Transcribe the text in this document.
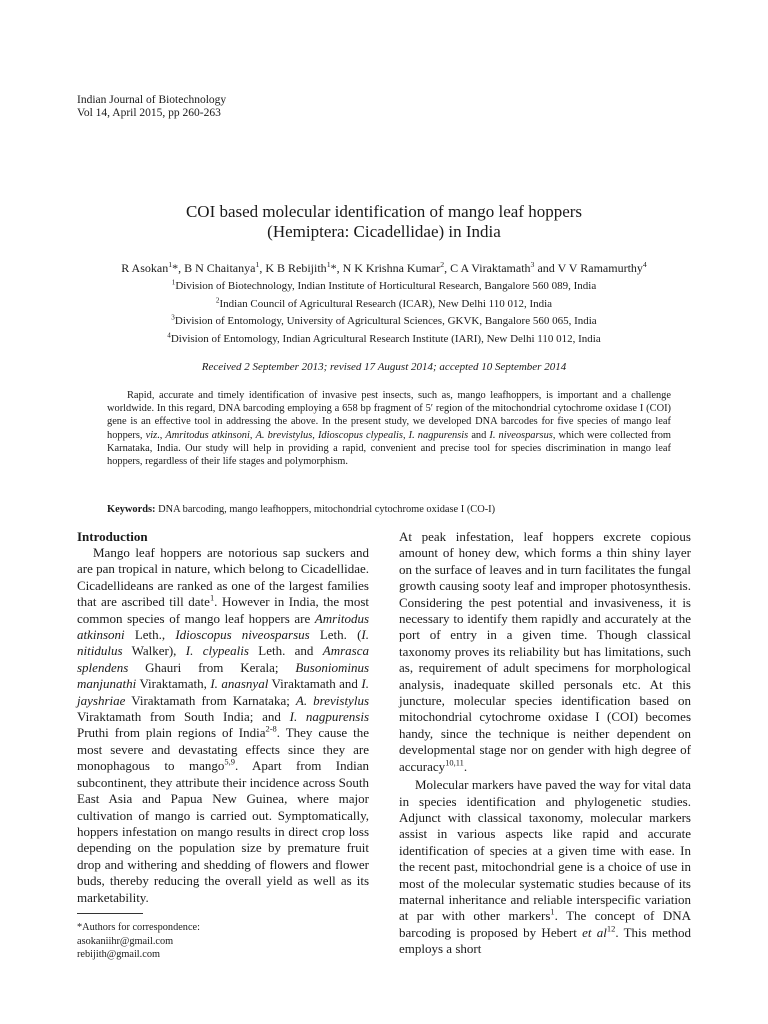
Indian Journal of Biotechnology
Vol 14, April 2015, pp 260-263
COI based molecular identification of mango leaf hoppers
(Hemiptera: Cicadellidae) in India
R Asokan$^1$*, B N Chaitanya$^1$, K B Rebijith$^1$*, N K Krishna Kumar$^2$, C A Viraktamath$^3$ and V V Ramamurthy$^4$
$^1$Division of Biotechnology, Indian Institute of Horticultural Research, Bangalore 560 089, India
$^2$Indian Council of Agricultural Research (ICAR), New Delhi 110 012, India
$^3$Division of Entomology, University of Agricultural Sciences, GKVK, Bangalore 560 065, India
$^4$Division of Entomology, Indian Agricultural Research Institute (IARI), New Delhi 110 012, India
Received 2 September 2013; revised 17 August 2014; accepted 10 September 2014
Rapid, accurate and timely identification of invasive pest insects, such as, mango leafhoppers, is important and a challenge worldwide. In this regard, DNA barcoding employing a 658 bp fragment of 5′ region of the mitochondrial cytochrome oxidase I (COI) gene is an effective tool in addressing the above. In the present study, we developed DNA barcodes for five species of mango leaf hoppers, viz., Amritodus atkinsoni, A. brevistylus, Idioscopus clypealis, I. nagpurensis and I. niveosparsus, which were collected from Karnataka, India. Our study will help in providing a rapid, convenient and precise tool for species discrimination in mango leaf hoppers, regardless of their life stages and polymorphism.
Keywords: DNA barcoding, mango leafhoppers, mitochondrial cytochrome oxidase I (CO-I)
Introduction

Mango leaf hoppers are notorious sap suckers and are pan tropical in nature, which belong to Cicadellidae. Cicadellideans are ranked as one of the largest families that are ascribed till date$^1$. However in India, the most common species of mango leaf hoppers are Amritodus atkinsoni Leth., Idioscopus niveosparsus Leth. (I. nitidulus Walker), I. clypealis Leth. and Amrasca splendens Ghauri from Kerala; Busoniominus manjunathi Viraktamath, I. anasnyal Viraktamath and I. jayshriae Viraktamath from Karnataka; A. brevistylus Viraktamath from South India; and I. nagpurensis Pruthi from plain regions of India$^{2-8}$. They cause the most severe and devastating effects since they are monophagous to mango$^{5,9}$. Apart from Indian subcontinent, they attribute their incidence across South East Asia and Papua New Guinea, where major cultivation of mango is carried out. Symptomatically, hoppers infestation on mango results in direct crop loss depending on the population size by premature fruit drop and withering and shedding of flowers and flower buds, thereby reducing the overall yield as well as its marketability.

At peak infestation, leaf hoppers excrete copious amount of honey dew, which forms a thin shiny layer on the surface of leaves and in turn facilitates the fungal growth causing sooty leaf and improper photosynthesis. Considering the pest potential and invasiveness, it is necessary to identify them rapidly and accurately at the port of entry in a given time. Though classical taxonomy proves its reliability but has limitations, such as, requirement of adult specimens for morphological analysis, inadequate skilled personals etc. At this juncture, molecular species identification based on mitochondrial cytochrome oxidase I (COI) becomes handy, since the technique is neither dependent on developmental stage nor on gender with high degree of accuracy$^{10,11}$.

Molecular markers have paved the way for vital data in species identification and phylogenetic studies. Adjunct with classical taxonomy, molecular markers assist in various aspects like rapid and accurate identification of species at a given time with ease. In the recent past, mitochondrial gene is a choice of use in most of the molecular systematic studies because of its maternal inheritance and reliable interspecific variation at par with other markers$^1$. The concept of DNA barcoding is proposed by Hebert et $al^{12}$. This method employs a short

*Authors for correspondence:
asokaniihr@gmail.com
rebijith@gmail.com
